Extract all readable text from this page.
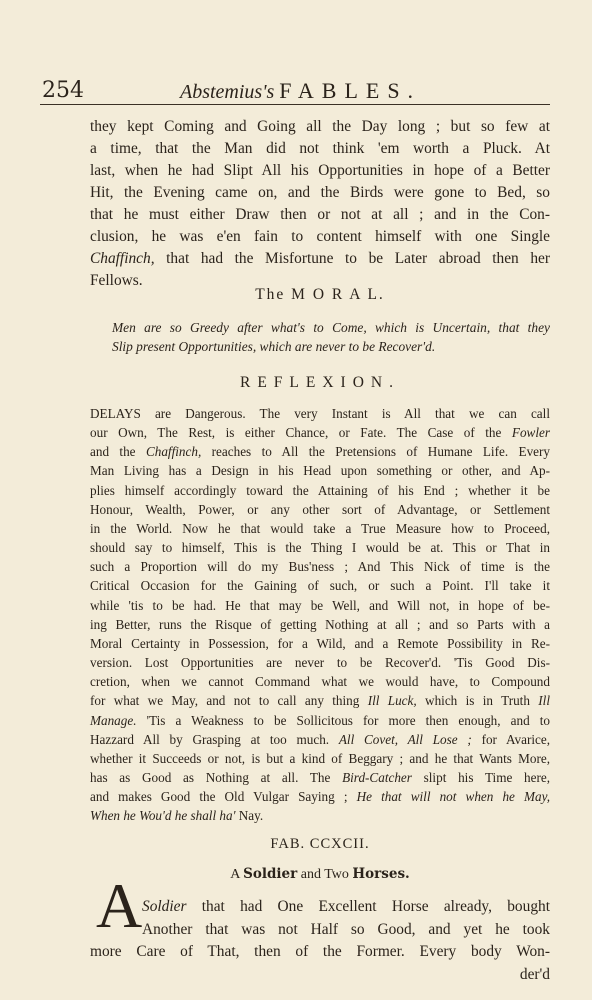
254	Abstemius's FABLES.
they kept Coming and Going all the Day long ; but so few at
a time, that the Man did not think 'em worth a Pluck. At
last, when he had Slipt All his Opportunities in hope of a Better
Hit, the Evening came on, and the Birds were gone to Bed, so
that he must either Draw then or not at all ; and in the Con-
clusion, he was e'en fain to content himself with one Single
Chaffinch, that had the Misfortune to be Later abroad then her
Fellows.
The M O R A L.
Men are so Greedy after what's to Come, which is Uncertain, that they
Slip present Opportunities, which are never to be Recover'd.
REFLEXION.
DELAYS are Dangerous. The very Instant is All that we can call
our Own, The Rest, is either Chance, or Fate. The Case of the Fowler
and the Chaffinch, reaches to All the Pretensions of Humane Life. Every
Man Living has a Design in his Head upon something or other, and Ap-
plies himself accordingly toward the Attaining of his End ; whether it be
Honour, Wealth, Power, or any other sort of Advantage, or Settlement
in the World. Now he that would take a True Measure how to Proceed,
should say to himself, This is the Thing I would be at. This or That in
such a Proportion will do my Bus'ness ; And This Nick of time is the
Critical Occasion for the Gaining of such, or such a Point. I'll take it
while 'tis to be had. He that may be Well, and Will not, in hope of be-
ing Better, runs the Risque of getting Nothing at all ; and so Parts with a
Moral Certainty in Possession, for a Wild, and a Remote Possibility in Re-
version. Lost Opportunities are never to be Recover'd. 'Tis Good Dis-
cretion, when we cannot Command what we would have, to Compound
for what we May, and not to call any thing Ill Luck, which is in Truth Ill
Manage. 'Tis a Weakness to be Sollicitous for more then enough, and to
Hazzard All by Grasping at too much. All Covet, All Lose ; for Avarice,
whether it Succeeds or not, is but a kind of Beggary ; and he that Wants More,
has as Good as Nothing at all. The Bird-Catcher slipt his Time here,
and makes Good the Old Vulgar Saying ; He that will not when he May,
When he Wou'd he shall ha' Nay.
FAB. CCXCII.
A Soldier and Two Horses.
A Soldier that had One Excellent Horse already, bought
Another that was not Half so Good, and yet he took
more Care of That, then of the Former. Every body Won-
der'd
